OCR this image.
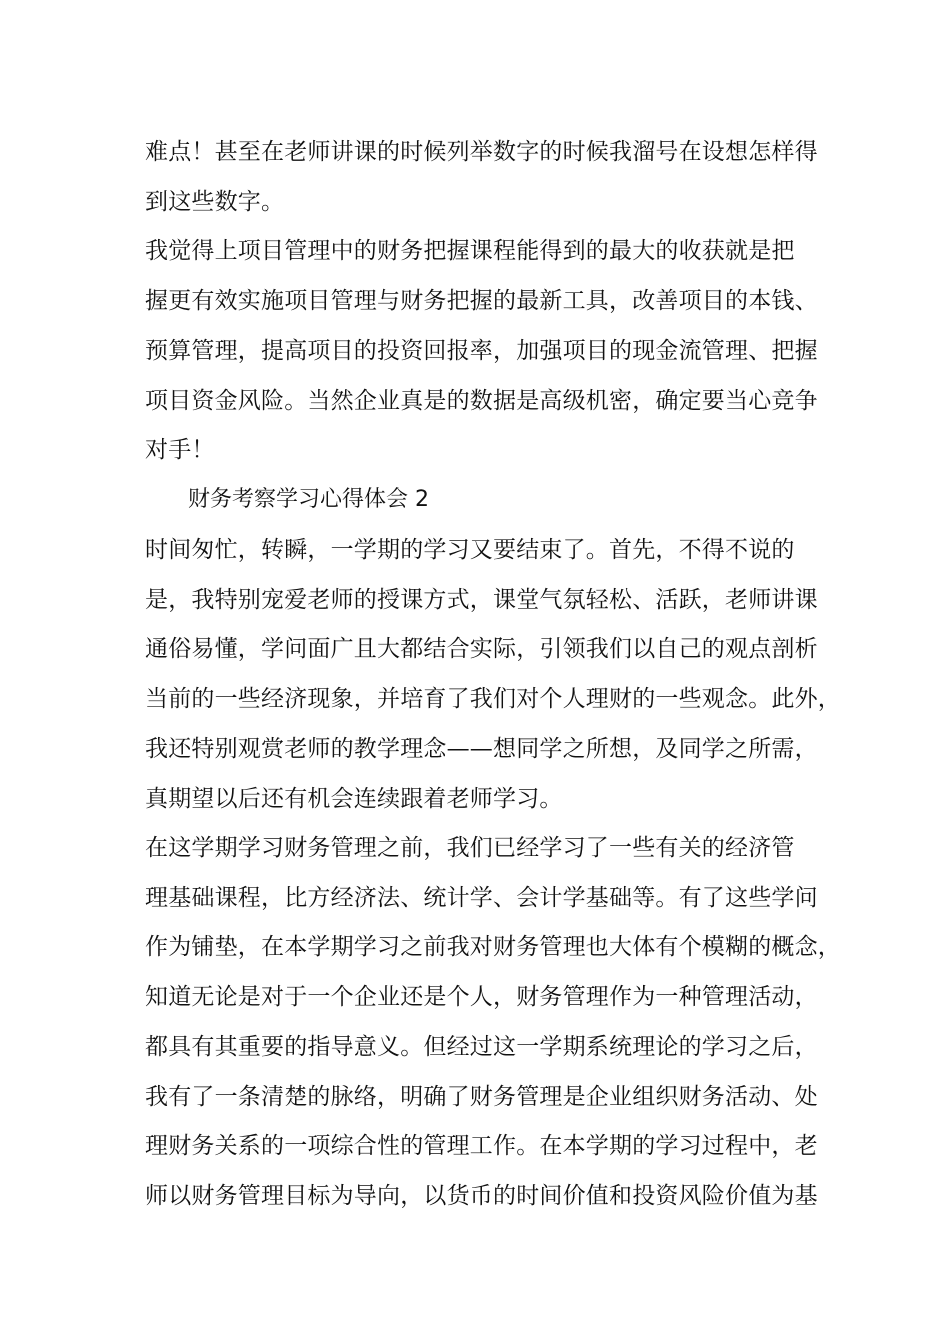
难点！甚至在老师讲课的时候列举数字的时候我溜号在设想怎样得
到这些数字。
我觉得上项目管理中的财务把握课程能得到的最大的收获就是把
握更有效实施项目管理与财务把握的最新工具，改善项目的本钱、
预算管理，提高项目的投资回报率，加强项目的现金流管理、把握
项目资金风险。当然企业真是的数据是高级机密，确定要当心竞争
对手！
财务考察学习心得体会 2
时间匆忙，转瞬，一学期的学习又要结束了。首先，不得不说的
是，我特别宠爱老师的授课方式，课堂气氛轻松、活跃，老师讲课
通俗易懂，学问面广且大都结合实际，引领我们以自己的观点剖析
当前的一些经济现象，并培育了我们对个人理财的一些观念。此外，
我还特别观赏老师的教学理念——想同学之所想，及同学之所需，
真期望以后还有机会连续跟着老师学习。
在这学期学习财务管理之前，我们已经学习了一些有关的经济管
理基础课程，比方经济法、统计学、会计学基础等。有了这些学问
作为铺垫，在本学期学习之前我对财务管理也大体有个模糊的概念，
知道无论是对于一个企业还是个人，财务管理作为一种管理活动，
都具有其重要的指导意义。但经过这一学期系统理论的学习之后，
我有了一条清楚的脉络，明确了财务管理是企业组织财务活动、处
理财务关系的一项综合性的管理工作。在本学期的学习过程中，老
师以财务管理目标为导向，以货币的时间价值和投资风险价值为基
